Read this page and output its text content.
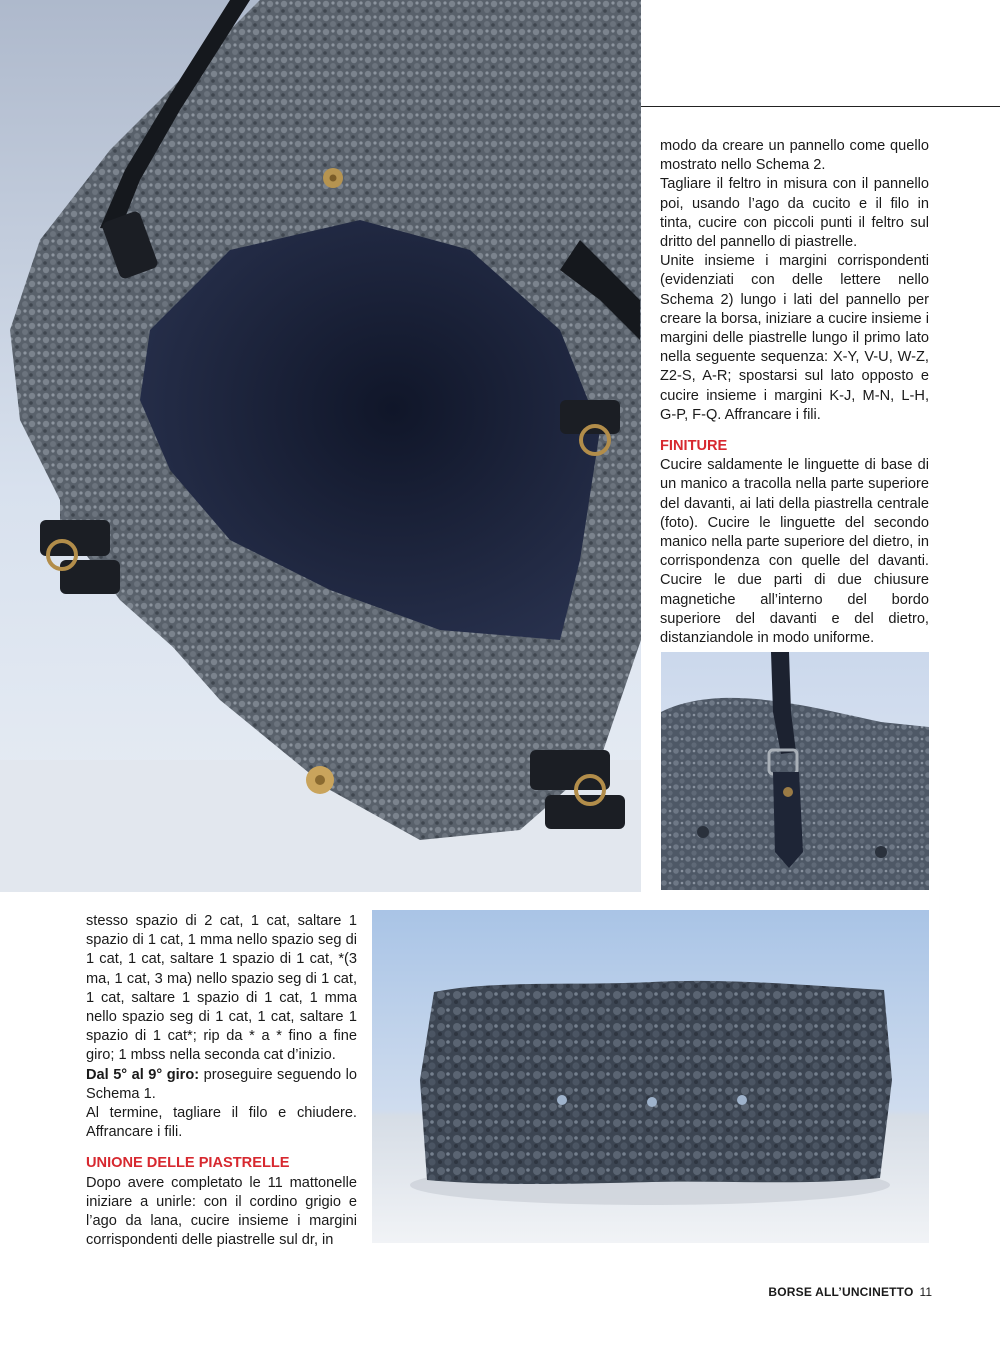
modo da creare un pannello come quello mostrato nello Schema 2.

Tagliare il feltro in misura con il pannello poi, usando l’ago da cucito e il filo in tinta, cucire con piccoli punti il feltro sul dritto del pannello di piastrelle.

Unite insieme i margini corrispondenti (evidenziati con delle lettere nello Schema 2) lungo i lati del pannello per creare la borsa, iniziare a cucire insieme i margini delle piastrelle lungo il primo lato nella seguente sequenza: X-Y, V-U, W-Z, Z2-S, A-R; spostarsi sul lato opposto e cucire insieme i margini K-J, M-N, L-H, G-P, F-Q. Affrancare i fili.

FINITURE

Cucire saldamente le linguette di base di un manico a tracolla nella parte superiore del davanti, ai lati della piastrella centrale (foto). Cucire le linguette del secondo manico nella parte superiore del dietro, in corrispondenza con quelle del davanti. Cucire le due parti di due chiusure magnetiche all’interno del bordo superiore del davanti e del dietro, distanziandole in modo uniforme.

stesso spazio di 2 cat, 1 cat, saltare 1 spazio di 1 cat, 1 mma nello spazio seg di 1 cat, 1 cat, saltare 1 spazio di 1 cat, *(3 ma, 1 cat, 3 ma) nello spazio seg di 1 cat, 1 cat, saltare 1 spazio di 1 cat, 1 mma nello spazio seg di 1 cat, 1 cat, saltare 1 spazio di 1 cat*; rip da * a * fino a fine giro; 1 mbss nella seconda cat d’inizio.

Dal 5° al 9° giro: proseguire seguendo lo Schema 1.

Al termine, tagliare il filo e chiudere. Affrancare i fili.

UNIONE DELLE PIASTRELLE

Dopo avere completato le 11 mattonelle iniziare a unirle: con il cordino grigio e l’ago da lana, cucire insieme i margini corrispondenti delle piastrelle sul dr, in

BORSE ALL’UNCINETTO 11
